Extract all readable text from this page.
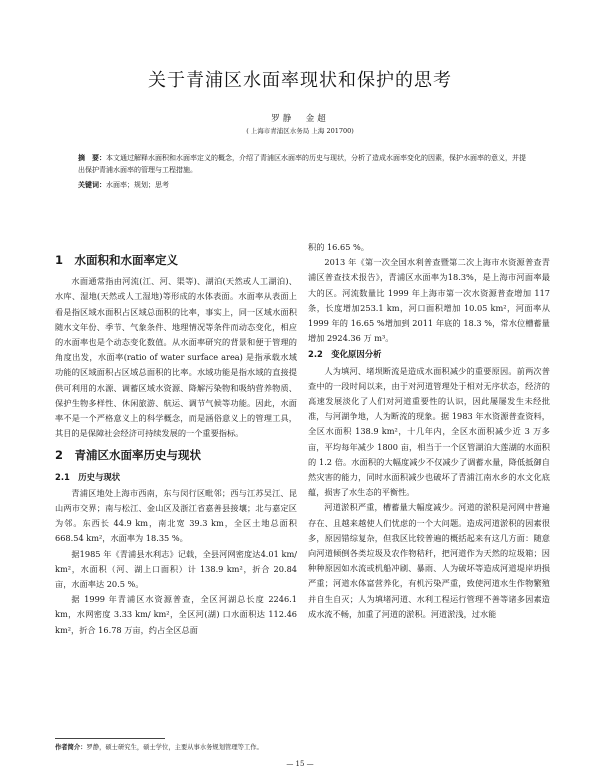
关于青浦区水面率现状和保护的思考
罗静　金超
( 上海市青浦区水务局 上海 201700)
摘　要：本文通过解释水面积和水面率定义的概念，介绍了青浦区水面率的历史与现状，分析了造成水面率变化的因素，保护水面率的意义，并提出保护青浦水面率的管理与工程措施。
关键词：水面率；规划；思考
1　水面积和水面率定义

水面通常指由河流(江、河、渠等)、湖泊(天然或人工湖泊)、水库、湿地(天然或人工湿地)等形成的水体表面。水面率从表面上看是指区域水面积占区域总面积的比率，事实上，同一区域水面积随水文年份、季节、气象条件、地理情况等条件而动态变化，相应的水面率也是个动态变化数值。从水面率研究的背景和便于管理的角度出发，水面率(ratio of water surface area) 是指承载水域功能的区域面积占区域总面积的比率。水域功能是指水域的直接提供可利用的水源、调蓄区域水资源、降解污染物和吸纳营养物质、保护生物多样性、休闲旅游、航运、调节气候等功能。因此，水面率不是一个严格意义上的科学概念，而是涵俗意义上的管理工具，其目的是保障社会经济可持续发展的一个重要指标。

2　青浦区水面率历史与现状
2.1　历史与现状

青浦区地处上海市西南，东与闵行区毗邻；西与江苏吴江、昆山两市交界；南与松江、金山区及浙江省嘉善县接壤；北与嘉定区为邻。东西长 44.9 km，南北宽 39.3 km，全区土地总面积 668.54 km²，水面率为 18.35 %。

据1985 年《青浦县水利志》记载，全县河网密度达4.01 km/ km²，水面积（河、湖上口面积）计 138.9 km²，折合 20.84 亩，水面率达 20.5 %。

据 1999 年青浦区水资源普查，全区河湖总长度 2246.1 km，水网密度 3.33 km/ km²，全区河(湖) 口水面积达 112.46 km²，折合 16.78 万亩，约占全区总面

积的 16.65 %。

2013 年《第一次全国水利普查暨第二次上海市水资源普查青浦区普查技术报告》，青浦区水面率为18.3%，是上海市河面率最大的区。河流数量比 1999 年上海市第一次水资源普查增加 117 条，长度增加253.1 km，河口面积增加 10.05 km²，河面率从 1999 年的 16.65 %增加到 2011 年底的 18.3 %，常水位槽蓄量增加 2924.36 万 m³。

2.2　变化原因分析

人为填河、堵坝断流是造成水面积减少的重要原因。前两次普查中的一段时间以来，由于对河道管理处于相对无序状态，经济的高速发展淡化了人们对河道重要性的认识，因此屡屡发生未经批准，与河湖争地，人为断流的现象。据 1983 年水资源普查资料，全区水面积 138.9 km²，十几年内，全区水面积减少近 3 万多亩，平均每年减少 1800 亩，相当于一个区管湖泊大莲湖的水面积的 1.2 倍。水面积的大幅度减少不仅减少了调蓄水量，降低抵御自然灾害的能力，同时水面积减少也破坏了青浦江南水乡的水文化底蕴，损害了水生态的平衡性。

河道淤积严重，槽蓄量大幅度减少。河道的淤积是河网中普遍存在、且越来越使人们忧虑的一个大问题。造成河道淤积的因素很多，原因错综复杂，但我区比较普遍的概括起来有这几方面：随意向河道倾倒各类垃圾及农作物秸秆，把河道作为天然的垃圾箱；因种种原因如水流或机船冲刷、暴雨、人为破坏等造成河道堤岸坍损严重；河道水体富营养化，有机污染严重，致使河道水生作物繁殖并自生自灭；人为填堵河道、水利工程运行管理不善等诸多因素造成水流不畅，加重了河道的淤积。河道淤浅，过水能

作者简介：罗静，硕士研究生，硕士学位，主要从事水务规划管理等工作。
— 15 —
